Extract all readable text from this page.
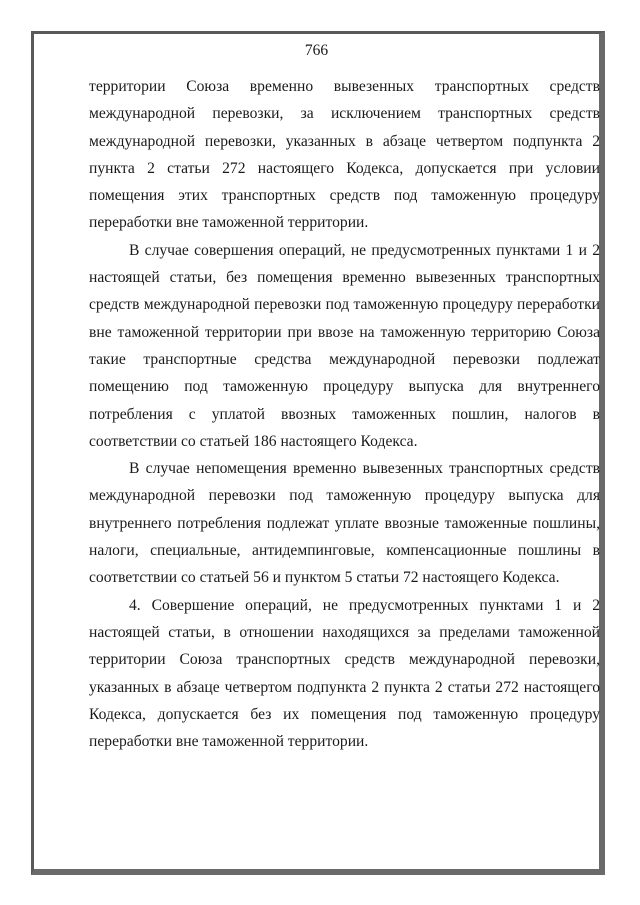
766

территории Союза временно вывезенных транспортных средств международной перевозки, за исключением транспортных средств международной перевозки, указанных в абзаце четвертом подпункта 2 пункта 2 статьи 272 настоящего Кодекса, допускается при условии помещения этих транспортных средств под таможенную процедуру переработки вне таможенной территории.

В случае совершения операций, не предусмотренных пунктами 1 и 2 настоящей статьи, без помещения временно вывезенных транспортных средств международной перевозки под таможенную процедуру переработки вне таможенной территории при ввозе на таможенную территорию Союза такие транспортные средства международной перевозки подлежат помещению под таможенную процедуру выпуска для внутреннего потребления с уплатой ввозных таможенных пошлин, налогов в соответствии со статьей 186 настоящего Кодекса.

В случае непомещения временно вывезенных транспортных средств международной перевозки под таможенную процедуру выпуска для внутреннего потребления подлежат уплате ввозные таможенные пошлины, налоги, специальные, антидемпинговые, компенсационные пошлины в соответствии со статьей 56 и пунктом 5 статьи 72 настоящего Кодекса.

4. Совершение операций, не предусмотренных пунктами 1 и 2 настоящей статьи, в отношении находящихся за пределами таможенной территории Союза транспортных средств международной перевозки, указанных в абзаце четвертом подпункта 2 пункта 2 статьи 272 настоящего Кодекса, допускается без их помещения под таможенную процедуру переработки вне таможенной территории.
